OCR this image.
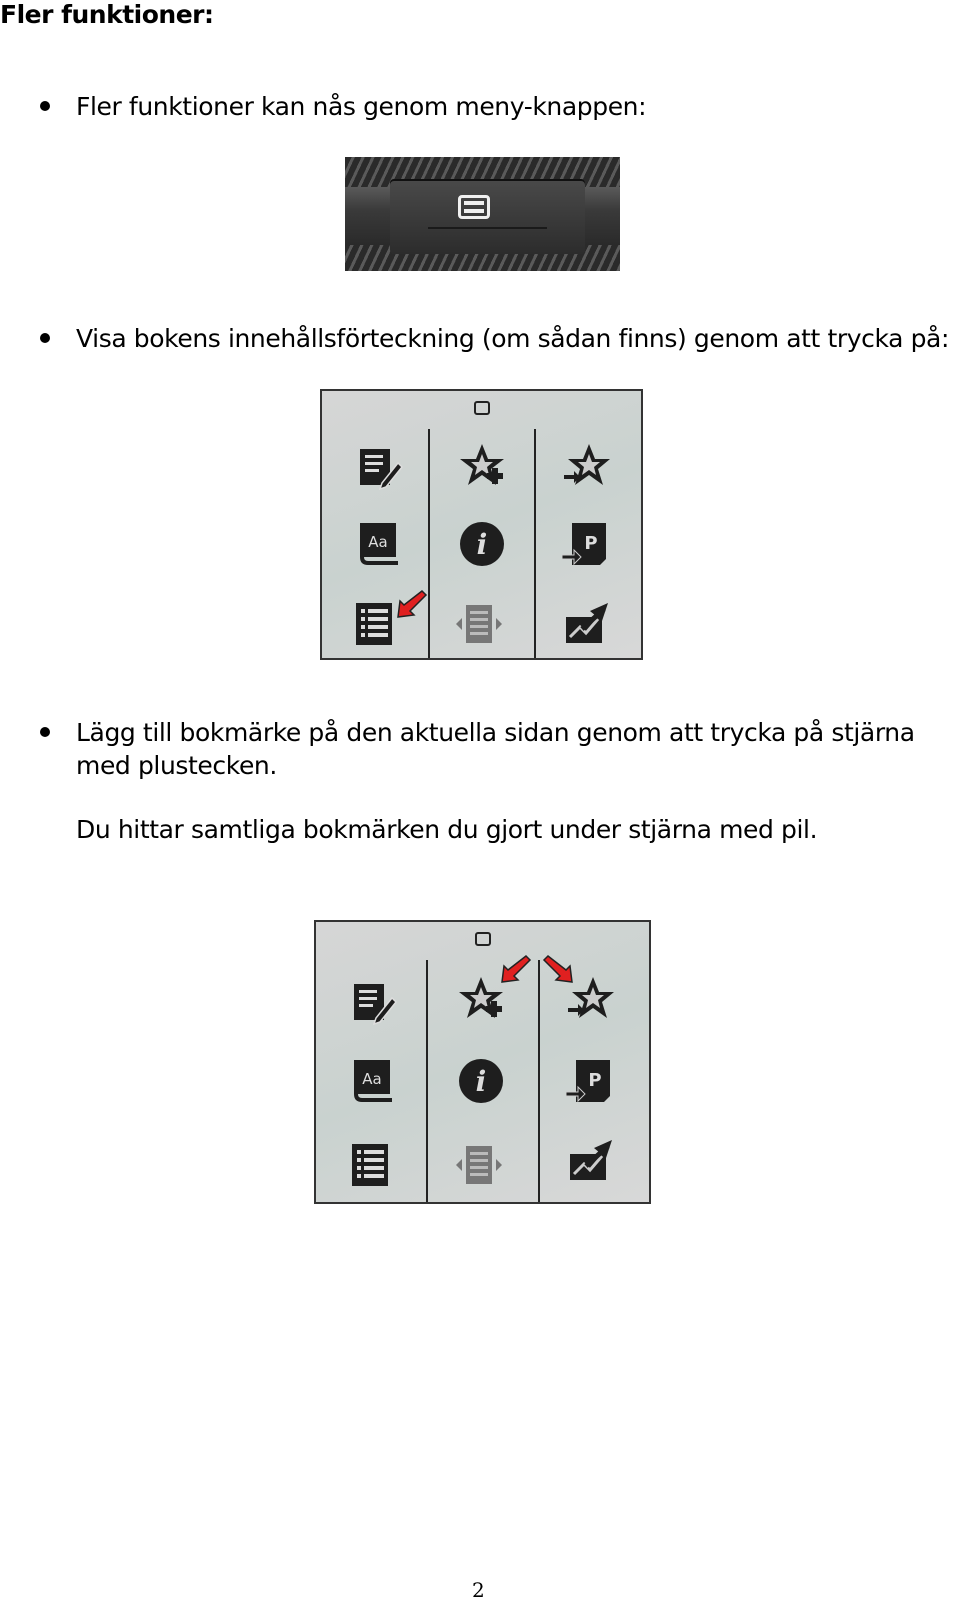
Fler funktioner:
Fler funktioner kan nås genom meny-knappen:
Visa bokens innehållsförteckning (om sådan finns) genom att trycka på:
Aa	i	P
Lägg till bokmärke på den aktuella sidan genom att trycka på stjärna
med plustecken.
Du hittar samtliga bokmärken du gjort under stjärna med pil.
Aa	i	P
2
